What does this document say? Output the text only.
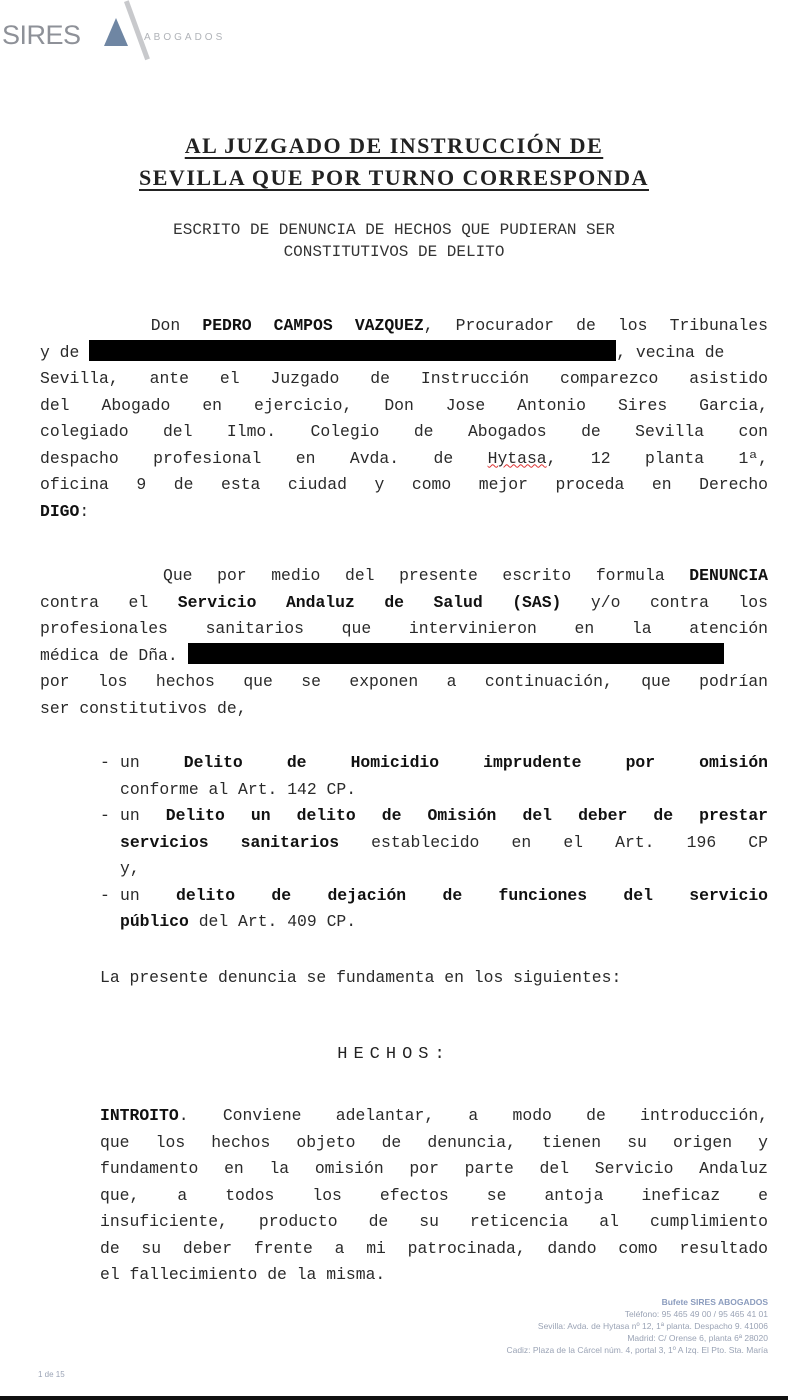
SIRES	ABOGADOS
AL JUZGADO DE INSTRUCCIÓN DE
SEVILLA QUE POR TURNO CORRESPONDA
ESCRITO DE DENUNCIA DE HECHOS QUE PUDIERAN SER
CONSTITUTIVOS DE DELITO
Don PEDRO CAMPOS VAZQUEZ, Procurador de los Tribunales
y de	, vecina de
Sevilla, ante el Juzgado de Instrucción comparezco asistido
del Abogado en ejercicio, Don Jose Antonio Sires Garcia,
colegiado del Ilmo. Colegio de Abogados de Sevilla con
despacho profesional en Avda. de Hytasa, 12 planta 1ª,
oficina 9 de esta ciudad y como mejor proceda en Derecho
DIGO:
Que por medio del presente escrito formula DENUNCIA
contra el Servicio Andaluz de Salud (SAS) y/o contra los
profesionales sanitarios que intervinieron en la atención
médica de Dña.
por los hechos que se exponen a continuación, que podrían
ser constitutivos de,
- un Delito de Homicidio imprudente por omisión
conforme al Art. 142 CP.
- un Delito un delito de Omisión del deber de prestar
servicios sanitarios establecido en el Art. 196 CP
y,
- un delito de dejación de funciones del servicio
público del Art. 409 CP.
La presente denuncia se fundamenta en los siguientes:
HECHOS:
INTROITO. Conviene adelantar, a modo de introducción,
que los hechos objeto de denuncia, tienen su origen y
fundamento en la omisión por parte del Servicio Andaluz
que, a todos los efectos se antoja ineficaz e
insuficiente, producto de su reticencia al cumplimiento
de su deber frente a mi patrocinada, dando como resultado
el fallecimiento de la misma.
Bufete SIRES ABOGADOS
Teléfono: 95 465 49 00 / 95 465 41 01
Sevilla: Avda. de Hytasa nº 12, 1ª planta. Despacho 9. 41006
Madrid: C/ Orense 6, planta 6ª 28020
Cadiz: Plaza de la Cárcel núm. 4, portal 3, 1º A Izq. El Pto. Sta. María
1 de 15
